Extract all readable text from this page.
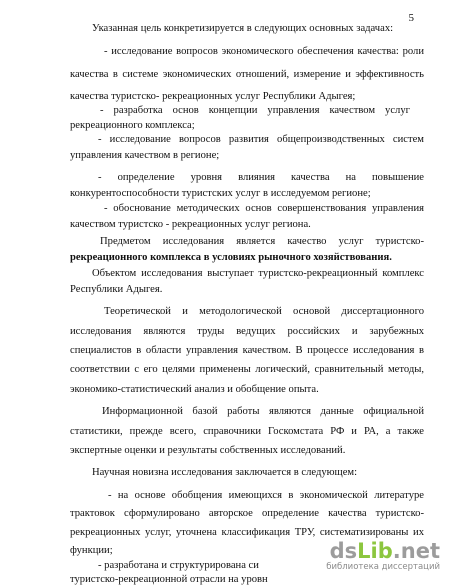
5
Указанная цель конкретизируется в следующих основных задачах:
- исследование вопросов экономического обеспечения качества: роли
качества в системе экономических отношений, измерение и эффективность
качества туристско- рекреационных услуг Республики Адыгея;
- разработка основ концепции управления качеством услуг
рекреационного комплекса;
- исследование вопросов развития общепроизводственных систем
управления качеством в регионе;
- определение уровня влияния качества на повышение
конкурентоспособности туристских услуг в исследуемом регионе;
- обоснование методических основ совершенствования управления
качеством туристско - рекреационных услуг региона.
Предметом исследования является качество услуг туристско-
рекреационного комплекса в условиях рыночного хозяйствования.
Объектом исследования выступает туристско-рекреационный комплекс
Республики Адыгея.
Теоретической и методологической основой диссертационного
исследования являются труды ведущих российских и зарубежных
специалистов в области управления качеством. В процессе исследования в
соответствии с его целями применены логический, сравнительный методы,
экономико-статистический анализ и обобщение опыта.
Информационной базой работы являются данные официальной
статистики, прежде всего, справочники Госкомстата РФ и РА, а также
экспертные оценки и результаты собственных исследований.
Научная новизна исследования заключается в следующем:
- на основе обобщения имеющихся в экономической литературе
трактовок сформулировано авторское определение качества туристско-
рекреационных услуг, уточнена классификация ТРУ, систематизированы их
функции;
- разработана и структурирована си
туристско-рекреационной отрасли на уровн
dsLib.net
библиотека диссертаций
